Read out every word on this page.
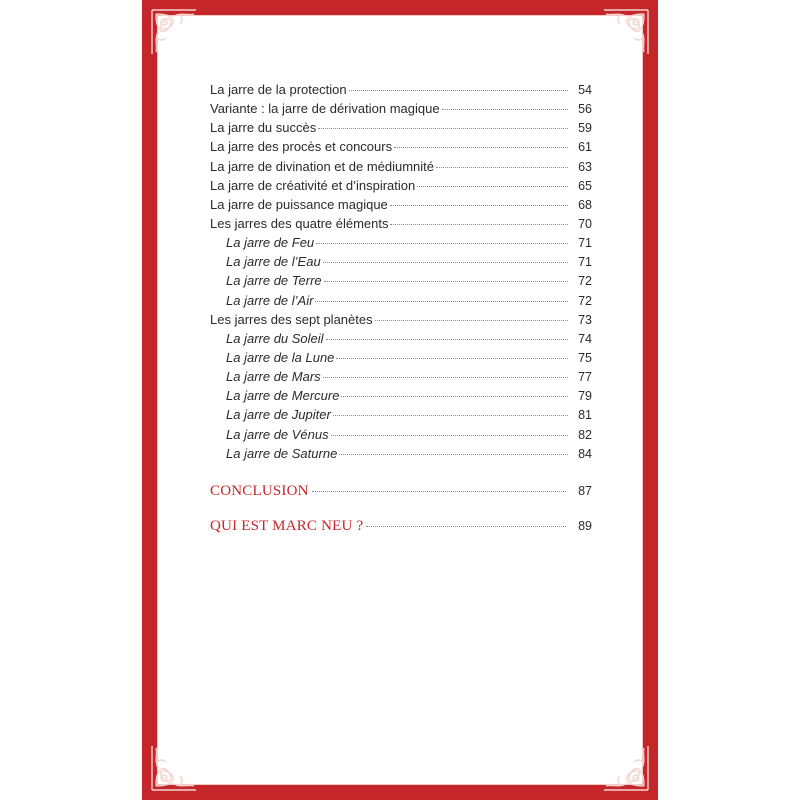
La jarre de la protection	54
Variante : la jarre de dérivation magique	56
La jarre du succès	59
La jarre des procès et concours	61
La jarre de divination et de médiumnité	63
La jarre de créativité et d’inspiration	65
La jarre de puissance magique	68
Les jarres des quatre éléments	70
La jarre de Feu	71
La jarre de l’Eau	71
La jarre de Terre	72
La jarre de l’Air	72
Les jarres des sept planètes	73
La jarre du Soleil	74
La jarre de la Lune	75
La jarre de Mars	77
La jarre de Mercure	79
La jarre de Jupiter	81
La jarre de Vénus	82
La jarre de Saturne	84
CONCLUSION	87
QUI EST MARC NEU ?	89
